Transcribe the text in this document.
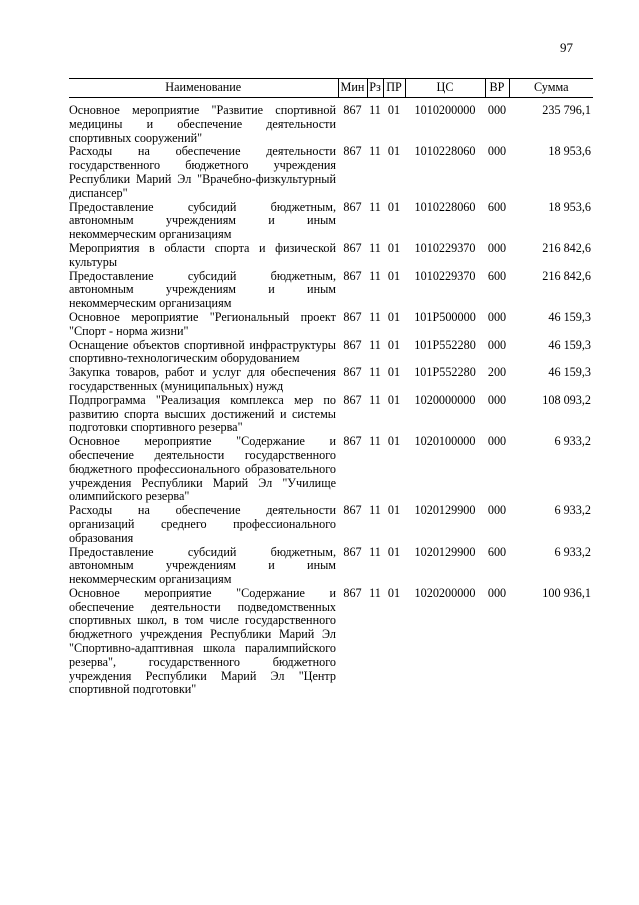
97
Наименование	Мин	Рз	ПР	ЦС	ВР	Сумма
Основное мероприятие "Развитие спортивной медицины и обеспечение деятельности спортивных сооружений"	867	11	01	1010200000	000	235 796,1
Расходы на обеспечение деятельности государственного бюджетного учреждения Республики Марий Эл "Врачебно-физкультурный диспансер"	867	11	01	1010228060	000	18 953,6
Предоставление субсидий бюджетным, автономным учреждениям и иным некоммерческим организациям	867	11	01	1010228060	600	18 953,6
Мероприятия в области спорта и физической культуры	867	11	01	1010229370	000	216 842,6
Предоставление субсидий бюджетным, автономным учреждениям и иным некоммерческим организациям	867	11	01	1010229370	600	216 842,6
Основное мероприятие "Региональный проект "Спорт - норма жизни"	867	11	01	101Р500000	000	46 159,3
Оснащение объектов спортивной инфраструктуры спортивно-технологическим оборудованием	867	11	01	101Р552280	000	46 159,3
Закупка товаров, работ и услуг для обеспечения государственных (муниципальных) нужд	867	11	01	101Р552280	200	46 159,3
Подпрограмма "Реализация комплекса мер по развитию спорта высших достижений и системы подготовки спортивного резерва"	867	11	01	1020000000	000	108 093,2
Основное мероприятие "Содержание и обеспечение деятельности государственного бюджетного профессионального образовательного учреждения Республики Марий Эл "Училище олимпийского резерва"	867	11	01	1020100000	000	6 933,2
Расходы на обеспечение деятельности организаций среднего профессионального образования	867	11	01	1020129900	000	6 933,2
Предоставление субсидий бюджетным, автономным учреждениям и иным некоммерческим организациям	867	11	01	1020129900	600	6 933,2
Основное мероприятие "Содержание и обеспечение деятельности подведомственных спортивных школ, в том числе государственного бюджетного учреждения Республики Марий Эл "Спортивно-адаптивная школа паралимпийского резерва", государственного бюджетного учреждения Республики Марий Эл "Центр спортивной подготовки"	867	11	01	1020200000	000	100 936,1
